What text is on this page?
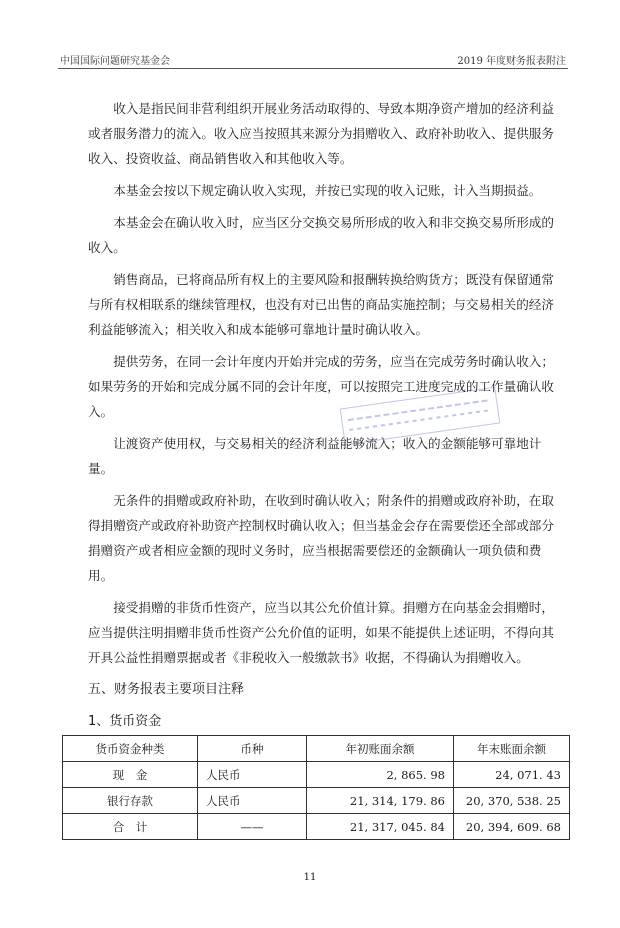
中国国际问题研究基金会	2019 年度财务报表附注

收入是指民间非营利组织开展业务活动取得的、导致本期净资产增加的经济利益或者服务潜力的流入。收入应当按照其来源分为捐赠收入、政府补助收入、提供服务收入、投资收益、商品销售收入和其他收入等。

本基金会按以下规定确认收入实现，并按已实现的收入记账，计入当期损益。

本基金会在确认收入时，应当区分交换交易所形成的收入和非交换交易所形成的收入。

销售商品，已将商品所有权上的主要风险和报酬转换给购货方；既没有保留通常与所有权相联系的继续管理权，也没有对已出售的商品实施控制；与交易相关的经济利益能够流入；相关收入和成本能够可靠地计量时确认收入。

提供劳务，在同一会计年度内开始并完成的劳务，应当在完成劳务时确认收入；如果劳务的开始和完成分属不同的会计年度，可以按照完工进度完成的工作量确认收入。

让渡资产使用权，与交易相关的经济利益能够流入；收入的金额能够可靠地计量。

无条件的捐赠或政府补助，在收到时确认收入；附条件的捐赠或政府补助，在取得捐赠资产或政府补助资产控制权时确认收入；但当基金会存在需要偿还全部或部分捐赠资产或者相应金额的现时义务时，应当根据需要偿还的金额确认一项负债和费用。

接受捐赠的非货币性资产，应当以其公允价值计算。捐赠方在向基金会捐赠时，应当提供注明捐赠非货币性资产公允价值的证明，如果不能提供上述证明，不得向其开具公益性捐赠票据或者《非税收入一般缴款书》收据，不得确认为捐赠收入。

五、财务报表主要项目注释

1、货币资金

货币资金种类	币种	年初账面余额	年末账面余额
现　金	人民币	2, 865. 98	24, 071. 43
银行存款	人民币	21, 314, 179. 86	20, 370, 538. 25
合　计	——	21, 317, 045. 84	20, 394, 609. 68
11
